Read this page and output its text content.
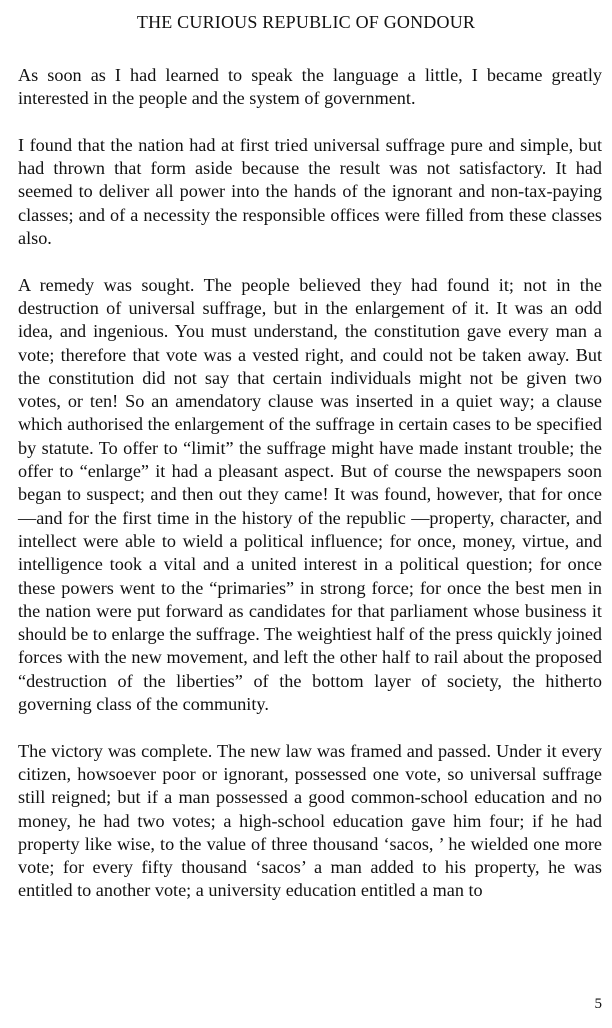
THE CURIOUS REPUBLIC OF GONDOUR

As soon as I had learned to speak the language a little, I became greatly interested in the people and the system of government.

I found that the nation had at first tried universal suffrage pure and simple, but had thrown that form aside because the result was not satisfactory. It had seemed to deliver all power into the hands of the ignorant and non-tax-paying classes; and of a necessity the responsible offices were filled from these classes also.

A remedy was sought. The people believed they had found it; not in the destruction of universal suffrage, but in the enlargement of it. It was an odd idea, and ingenious. You must understand, the constitution gave every man a vote; therefore that vote was a vested right, and could not be taken away. But the constitution did not say that certain individuals might not be given two votes, or ten! So an amendatory clause was inserted in a quiet way; a clause which authorised the enlargement of the suffrage in certain cases to be specified by statute. To offer to “limit” the suffrage might have made instant trouble; the offer to “enlarge” it had a pleasant aspect. But of course the newspapers soon began to suspect; and then out they came! It was found, however, that for once—and for the first time in the history of the republic —property, character, and intellect were able to wield a political influence; for once, money, virtue, and intelligence took a vital and a united interest in a political question; for once these powers went to the “primaries” in strong force; for once the best men in the nation were put forward as candidates for that parliament whose business it should be to enlarge the suffrage. The weightiest half of the press quickly joined forces with the new movement, and left the other half to rail about the proposed “destruction of the liberties” of the bottom layer of society, the hitherto governing class of the community.

The victory was complete. The new law was framed and passed. Under it every citizen, howsoever poor or ignorant, possessed one vote, so universal suffrage still reigned; but if a man possessed a good common-school education and no money, he had two votes; a high-school education gave him four; if he had property like wise, to the value of three thousand ‘sacos, ’ he wielded one more vote; for every fifty thousand ‘sacos’ a man added to his property, he was entitled to another vote; a university education entitled a man to

5
